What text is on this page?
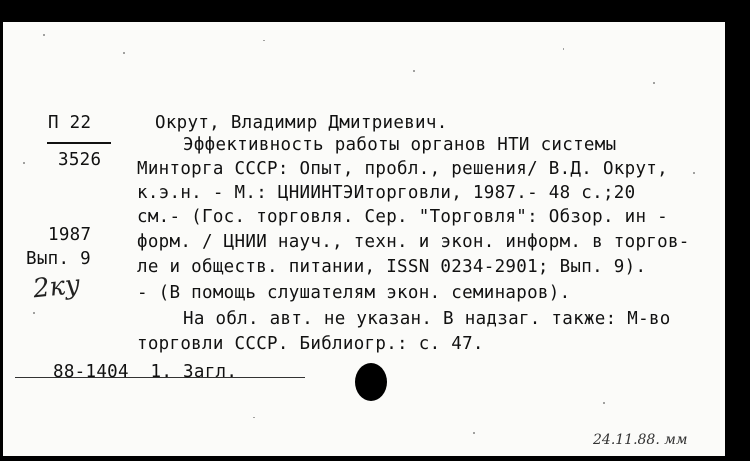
П 22
3526
1987
Вып. 9
2ку
Окрут, Владимир Дмитриевич.
Эффективность работы органов НТИ системы
Минторга СССР: Опыт, пробл., решения/ В.Д. Окрут,
к.э.н. - М.: ЦНИИНТЭИторговли, 1987.- 48 с.;20
см.- (Гос. торговля. Сер. "Торговля": Обзор. ин -
форм. / ЦНИИ науч., техн. и экон. информ. в торгов-
ле и обществ. питании, ISSN 0234-2901; Вып. 9).
- (В помощь слушателям экон. семинаров).
На обл. авт. не указан. В надзаг. также: М-во
торговли СССР. Библиогр.: с. 47.
88-1404  1. Загл.
24.11.88. мм
